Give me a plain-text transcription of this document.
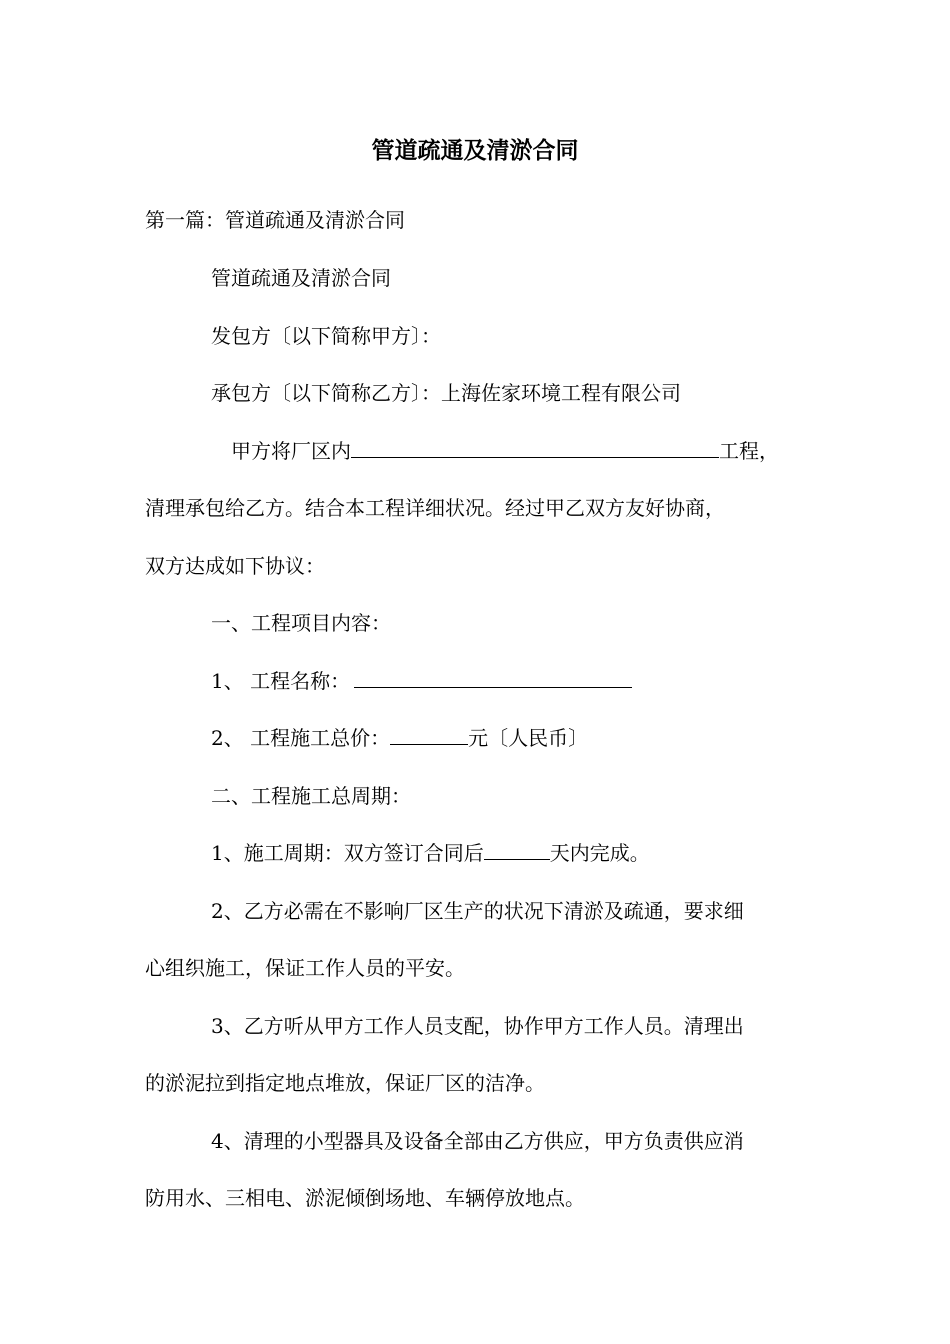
管道疏通及清淤合同
第一篇：管道疏通及清淤合同
管道疏通及清淤合同
发包方〔以下简称甲方〕：
承包方〔以下简称乙方〕：上海佐家环境工程有限公司
甲方将厂区内	工程，
清理承包给乙方。结合本工程详细状况。经过甲乙双方友好协商，
双方达成如下协议：
一、工程项目内容：
1、 工程名称：
2、 工程施工总价：	元〔人民币〕
二、工程施工总周期：
1、施工周期：双方签订合同后	天内完成。
2、乙方必需在不影响厂区生产的状况下清淤及疏通，要求细
心组织施工，保证工作人员的平安。
3、乙方听从甲方工作人员支配，协作甲方工作人员。清理出
的淤泥拉到指定地点堆放，保证厂区的洁净。
4、清理的小型器具及设备全部由乙方供应，甲方负责供应消
防用水、三相电、淤泥倾倒场地、车辆停放地点。
